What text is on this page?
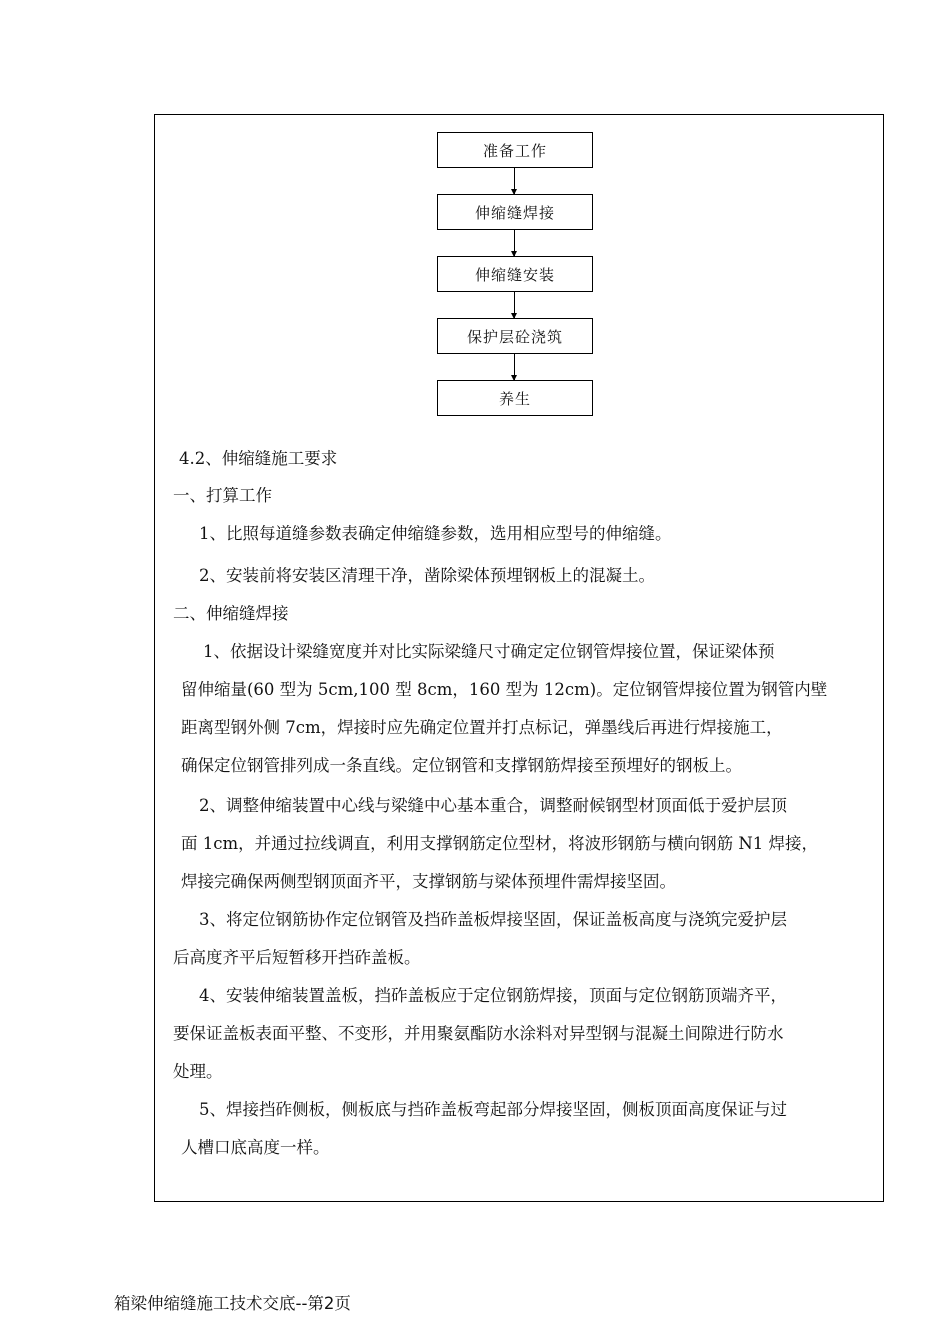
准备工作
伸缩缝焊接
伸缩缝安装
保护层砼浇筑
养生
4.2、伸缩缝施工要求
一、打算工作
1、比照每道缝参数表确定伸缩缝参数，选用相应型号的伸缩缝。
2、安装前将安装区清理干净，凿除梁体预埋钢板上的混凝土。
二、伸缩缝焊接
1、依据设计梁缝宽度并对比实际梁缝尺寸确定定位钢管焊接位置，保证梁体预
留伸缩量(60 型为 5cm,100 型 8cm，160 型为 12cm)。定位钢管焊接位置为钢管内壁
距离型钢外侧 7cm，焊接时应先确定位置并打点标记，弹墨线后再进行焊接施工，
确保定位钢管排列成一条直线。定位钢管和支撑钢筋焊接至预埋好的钢板上。
2、调整伸缩装置中心线与梁缝中心基本重合，调整耐候钢型材顶面低于爱护层顶
面 1cm，并通过拉线调直，利用支撑钢筋定位型材，将波形钢筋与横向钢筋 N1 焊接，
焊接完确保两侧型钢顶面齐平，支撑钢筋与梁体预埋件需焊接坚固。
3、将定位钢筋协作定位钢管及挡砟盖板焊接坚固，保证盖板高度与浇筑完爱护层
后高度齐平后短暂移开挡砟盖板。
4、安装伸缩装置盖板，挡砟盖板应于定位钢筋焊接，顶面与定位钢筋顶端齐平，
要保证盖板表面平整、不变形，并用聚氨酯防水涂料对异型钢与混凝土间隙进行防水
处理。
5、焊接挡砟侧板，侧板底与挡砟盖板弯起部分焊接坚固，侧板顶面高度保证与过
人槽口底高度一样。
箱梁伸缩缝施工技术交底--第2页
